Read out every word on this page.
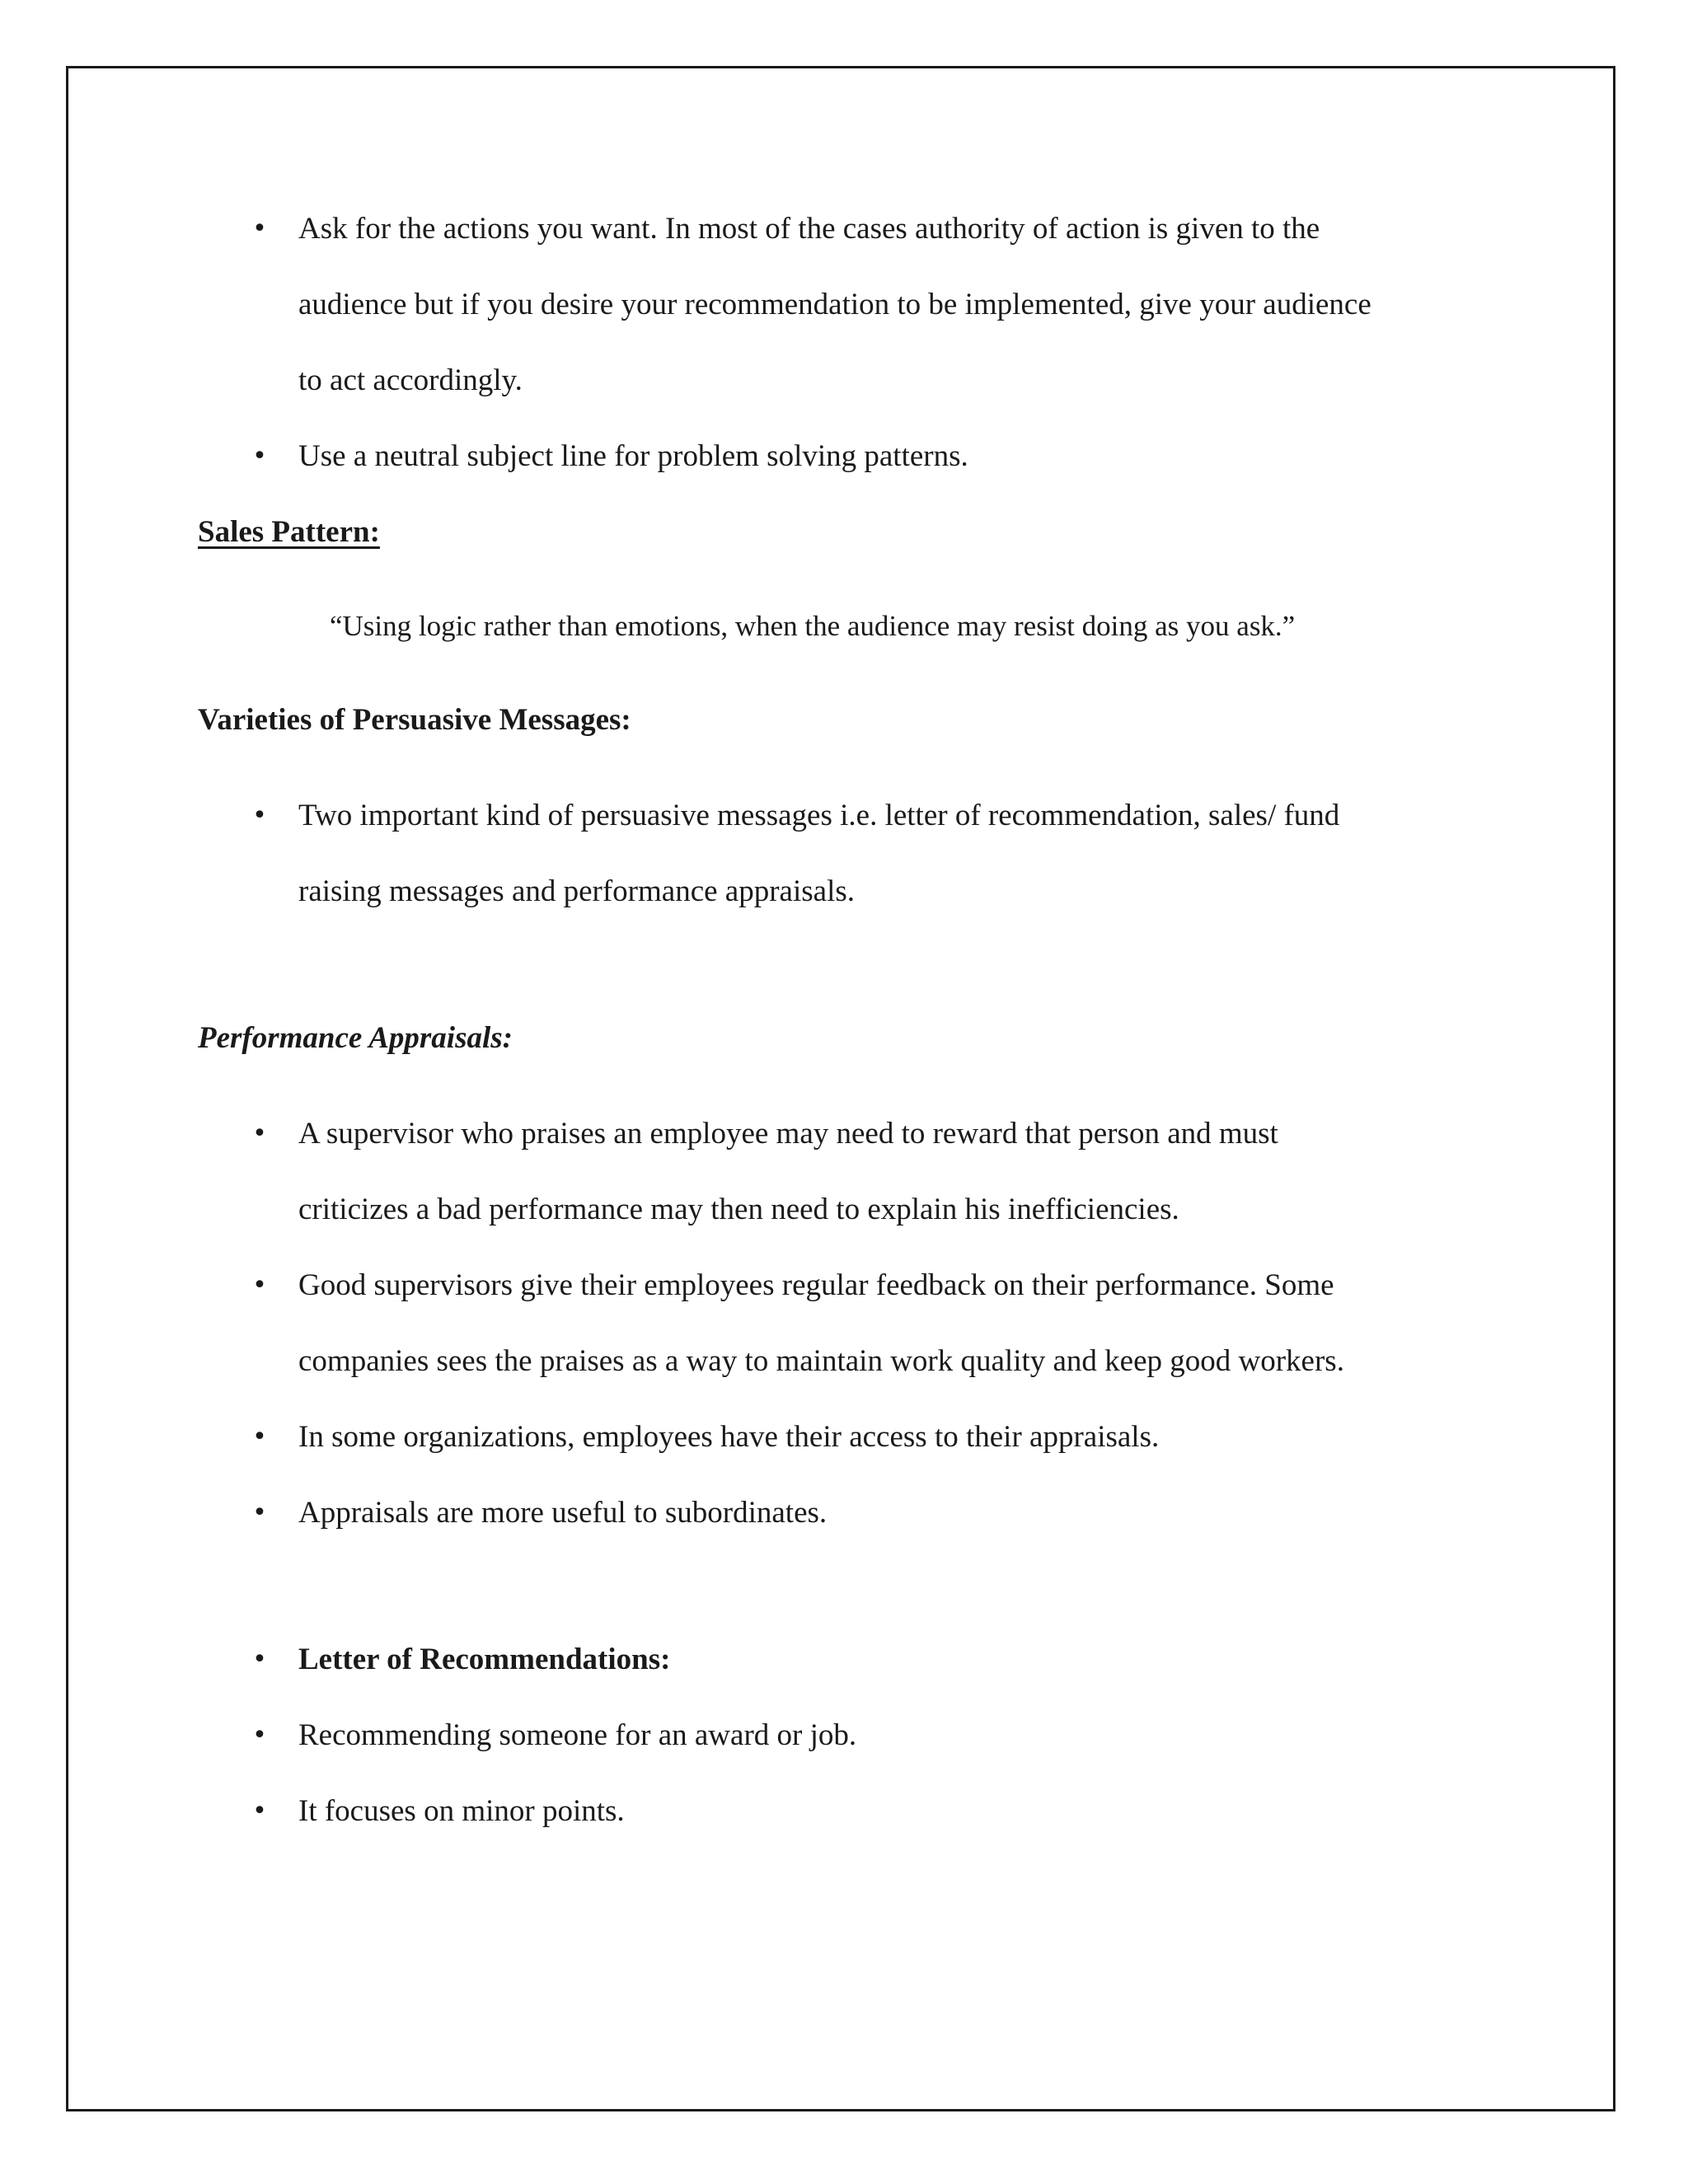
• Ask for the actions you want. In most of the cases authority of action is given to the
audience but if you desire your recommendation to be implemented, give your audience
to act accordingly.
• Use a neutral subject line for problem solving patterns.
Sales Pattern:
“Using logic rather than emotions, when the audience may resist doing as you ask.”
Varieties of Persuasive Messages:
• Two important kind of persuasive messages i.e. letter of recommendation, sales/ fund
raising messages and performance appraisals.
Performance Appraisals:
• A supervisor who praises an employee may need to reward that person and must
criticizes a bad performance may then need to explain his inefficiencies.
• Good supervisors give their employees regular feedback on their performance. Some
companies sees the praises as a way to maintain work quality and keep good workers.
• In some organizations, employees have their access to their appraisals.
• Appraisals are more useful to subordinates.
• Letter of Recommendations:
• Recommending someone for an award or job.
• It focuses on minor points.
